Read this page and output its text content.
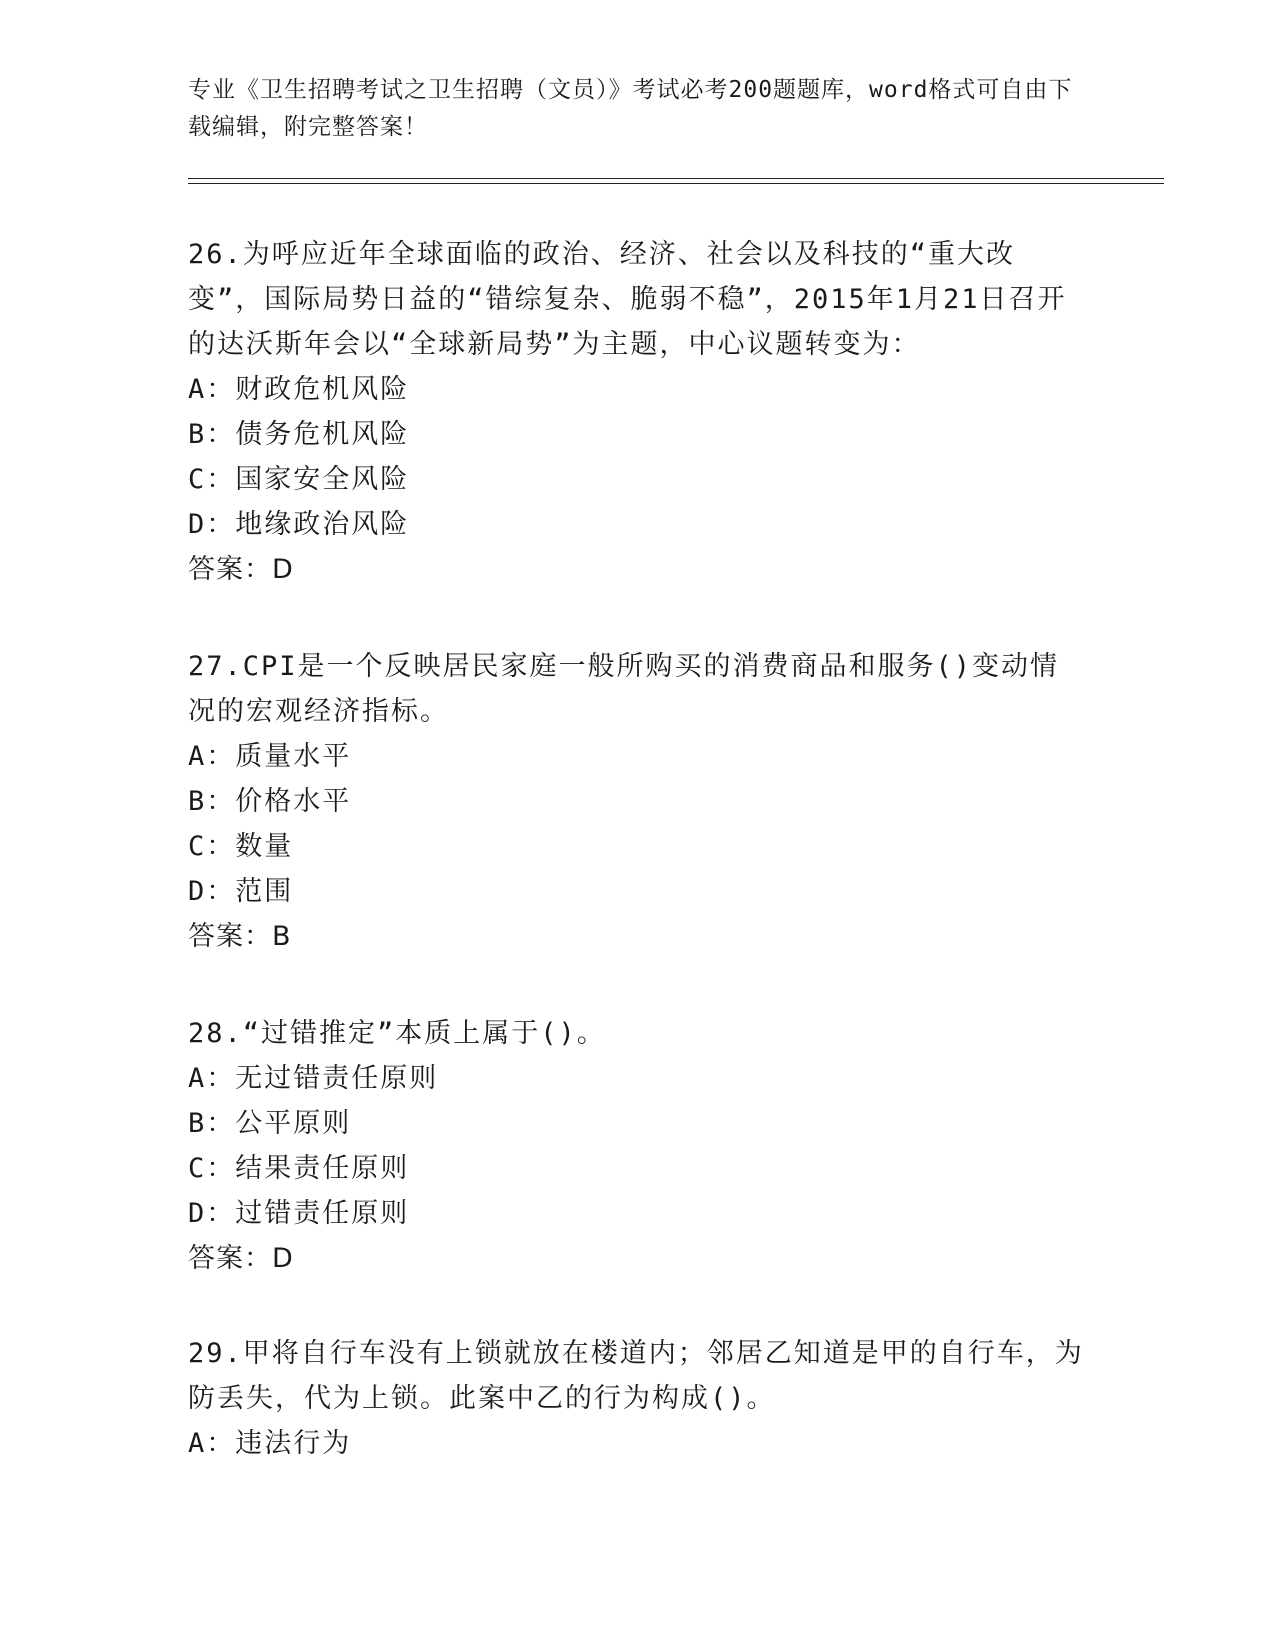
专业《卫生招聘考试之卫生招聘（文员）》考试必考200题题库，word格式可自由下载编辑，附完整答案！
26.为呼应近年全球面临的政治、经济、社会以及科技的“重大改变”，国际局势日益的“错综复杂、脆弱不稳”，2015年1月21日召开的达沃斯年会以“全球新局势”为主题，中心议题转变为：
A：财政危机风险
B：债务危机风险
C：国家安全风险
D：地缘政治风险
答案：D
27.CPI是一个反映居民家庭一般所购买的消费商品和服务()变动情况的宏观经济指标。
A：质量水平
B：价格水平
C：数量
D：范围
答案：B
28.“过错推定”本质上属于()。
A：无过错责任原则
B：公平原则
C：结果责任原则
D：过错责任原则
答案：D
29.甲将自行车没有上锁就放在楼道内；邻居乙知道是甲的自行车，为防丢失，代为上锁。此案中乙的行为构成()。
A：违法行为
